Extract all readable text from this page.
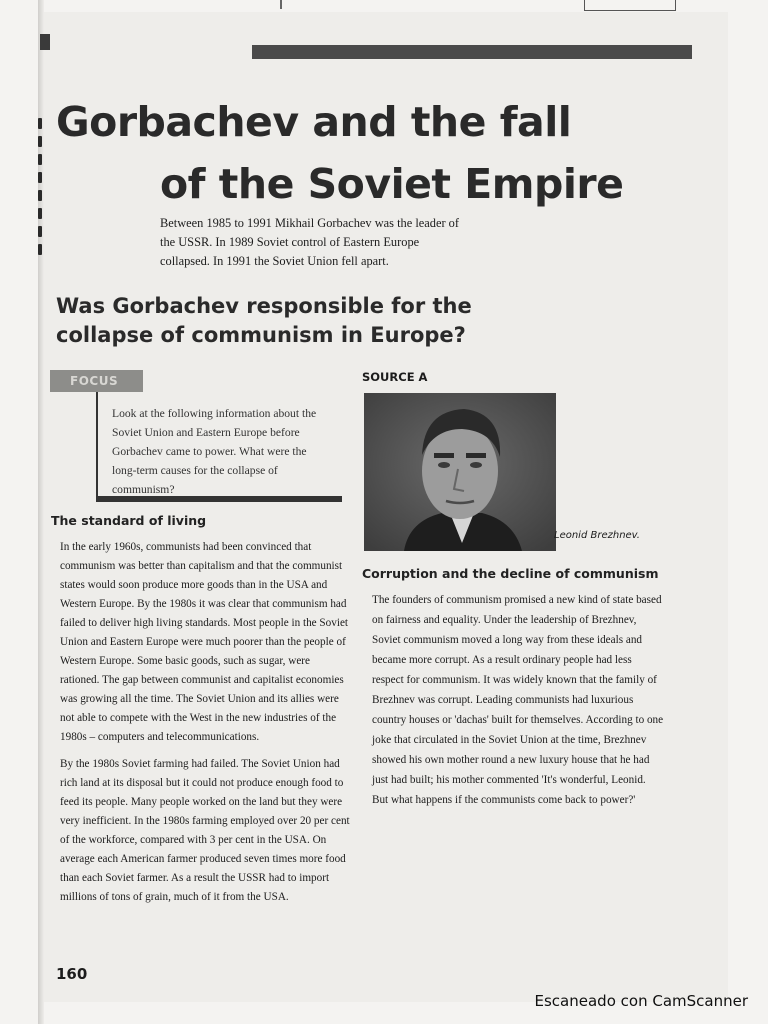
Gorbachev and the fall
of the Soviet Empire
Between 1985 to 1991 Mikhail Gorbachev was the leader of the USSR. In 1989 Soviet control of Eastern Europe collapsed. In 1991 the Soviet Union fell apart.
Was Gorbachev responsible for the collapse of communism in Europe?
FOCUS
Look at the following information about the Soviet Union and Eastern Europe before Gorbachev came to power. What were the long-term causes for the collapse of communism?
The standard of living

In the early 1960s, communists had been convinced that communism was better than capitalism and that the communist states would soon produce more goods than in the USA and Western Europe. By the 1980s it was clear that communism had failed to deliver high living standards. Most people in the Soviet Union and Eastern Europe were much poorer than the people of Western Europe. Some basic goods, such as sugar, were rationed. The gap between communist and capitalist economies was growing all the time. The Soviet Union and its allies were not able to compete with the West in the new industries of the 1980s – computers and telecommunications.

By the 1980s Soviet farming had failed. The Soviet Union had rich land at its disposal but it could not produce enough food to feed its people. Many people worked on the land but they were very inefficient. In the 1980s farming employed over 20 per cent of the workforce, compared with 3 per cent in the USA. On average each American farmer produced seven times more food than each Soviet farmer. As a result the USSR had to import millions of tons of grain, much of it from the USA.

SOURCE A
Leonid Brezhnev.
Corruption and the decline of communism

The founders of communism promised a new kind of state based on fairness and equality. Under the leadership of Brezhnev, Soviet communism moved a long way from these ideals and became more corrupt. As a result ordinary people had less respect for communism. It was widely known that the family of Brezhnev was corrupt. Leading communists had luxurious country houses or 'dachas' built for themselves. According to one joke that circulated in the Soviet Union at the time, Brezhnev showed his own mother round a new luxury house that he had just had built; his mother commented 'It's wonderful, Leonid. But what happens if the communists come back to power?'

160
Escaneado con CamScanner
